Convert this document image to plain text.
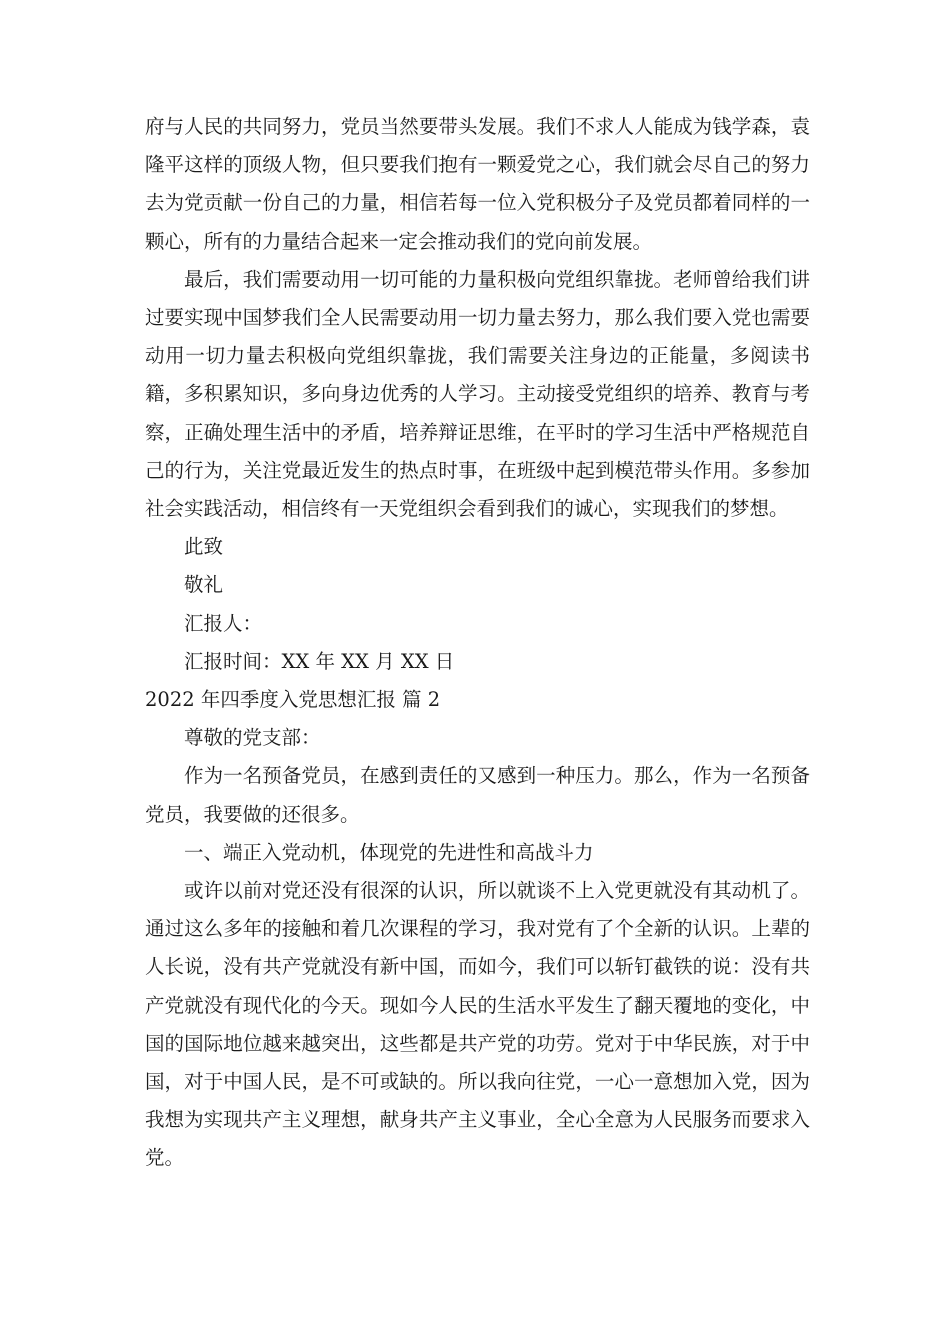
府与人民的共同努力，党员当然要带头发展。我们不求人人能成为钱学森，袁隆平这样的顶级人物，但只要我们抱有一颗爱党之心，我们就会尽自己的努力去为党贡献一份自己的力量，相信若每一位入党积极分子及党员都着同样的一颗心，所有的力量结合起来一定会推动我们的党向前发展。

最后，我们需要动用一切可能的力量积极向党组织靠拢。老师曾给我们讲过要实现中国梦我们全人民需要动用一切力量去努力，那么我们要入党也需要动用一切力量去积极向党组织靠拢，我们需要关注身边的正能量，多阅读书籍，多积累知识，多向身边优秀的人学习。主动接受党组织的培养、教育与考察，正确处理生活中的矛盾，培养辩证思维，在平时的学习生活中严格规范自己的行为，关注党最近发生的热点时事，在班级中起到模范带头作用。多参加社会实践活动，相信终有一天党组织会看到我们的诚心，实现我们的梦想。

此致

敬礼

汇报人：

汇报时间：XX 年 XX 月 XX 日

2022 年四季度入党思想汇报 篇 2

尊敬的党支部：

作为一名预备党员，在感到责任的又感到一种压力。那么，作为一名预备党员，我要做的还很多。

一、端正入党动机，体现党的先进性和高战斗力

或许以前对党还没有很深的认识，所以就谈不上入党更就没有其动机了。通过这么多年的接触和着几次课程的学习，我对党有了个全新的认识。上辈的人长说，没有共产党就没有新中国，而如今，我们可以斩钉截铁的说：没有共产党就没有现代化的今天。现如今人民的生活水平发生了翻天覆地的变化，中国的国际地位越来越突出，这些都是共产党的功劳。党对于中华民族，对于中国，对于中国人民，是不可或缺的。所以我向往党，一心一意想加入党，因为我想为实现共产主义理想，献身共产主义事业，全心全意为人民服务而要求入党。
